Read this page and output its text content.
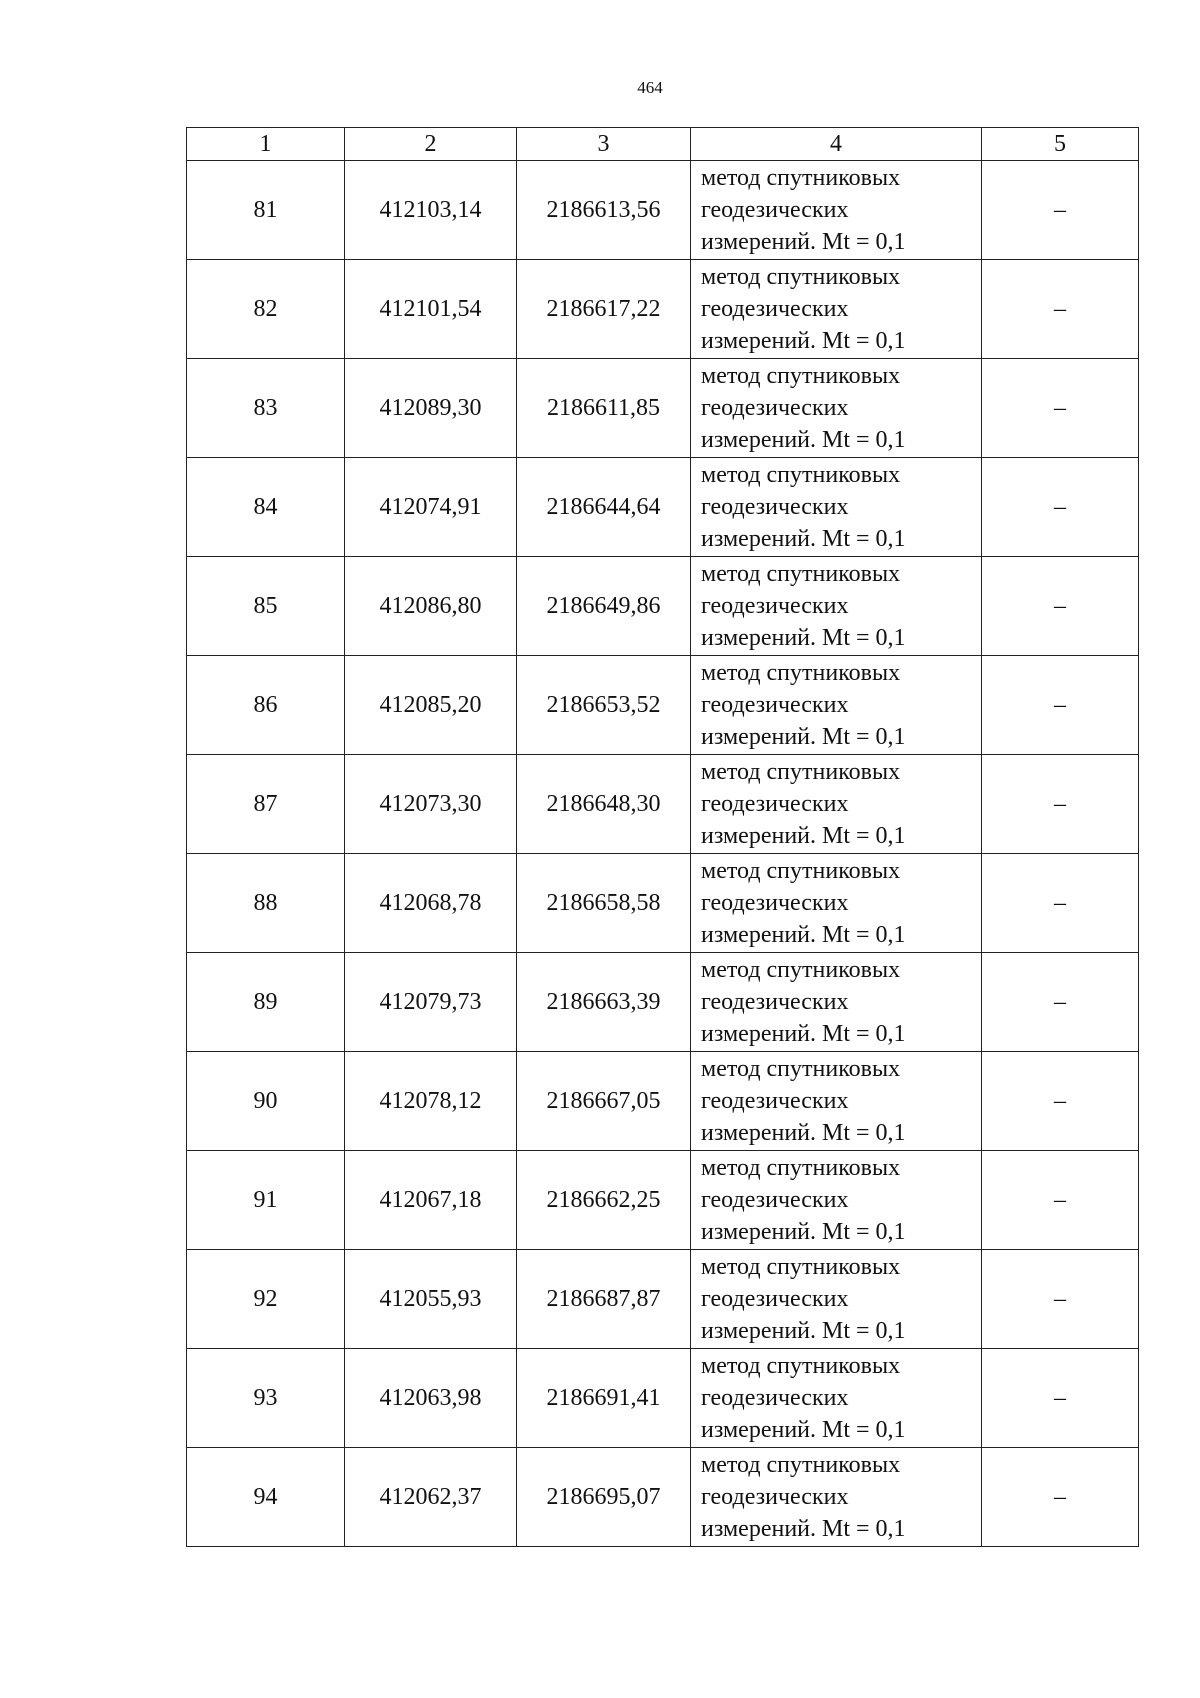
464
1	2	3	4	5
81	412103,14	2186613,56	метод спутниковых
геодезических
измерений. Mt = 0,1	–
82	412101,54	2186617,22	метод спутниковых
геодезических
измерений. Mt = 0,1	–
83	412089,30	2186611,85	метод спутниковых
геодезических
измерений. Mt = 0,1	–
84	412074,91	2186644,64	метод спутниковых
геодезических
измерений. Mt = 0,1	–
85	412086,80	2186649,86	метод спутниковых
геодезических
измерений. Mt = 0,1	–
86	412085,20	2186653,52	метод спутниковых
геодезических
измерений. Mt = 0,1	–
87	412073,30	2186648,30	метод спутниковых
геодезических
измерений. Mt = 0,1	–
88	412068,78	2186658,58	метод спутниковых
геодезических
измерений. Mt = 0,1	–
89	412079,73	2186663,39	метод спутниковых
геодезических
измерений. Mt = 0,1	–
90	412078,12	2186667,05	метод спутниковых
геодезических
измерений. Mt = 0,1	–
91	412067,18	2186662,25	метод спутниковых
геодезических
измерений. Mt = 0,1	–
92	412055,93	2186687,87	метод спутниковых
геодезических
измерений. Mt = 0,1	–
93	412063,98	2186691,41	метод спутниковых
геодезических
измерений. Mt = 0,1	–
94	412062,37	2186695,07	метод спутниковых
геодезических
измерений. Mt = 0,1	–
